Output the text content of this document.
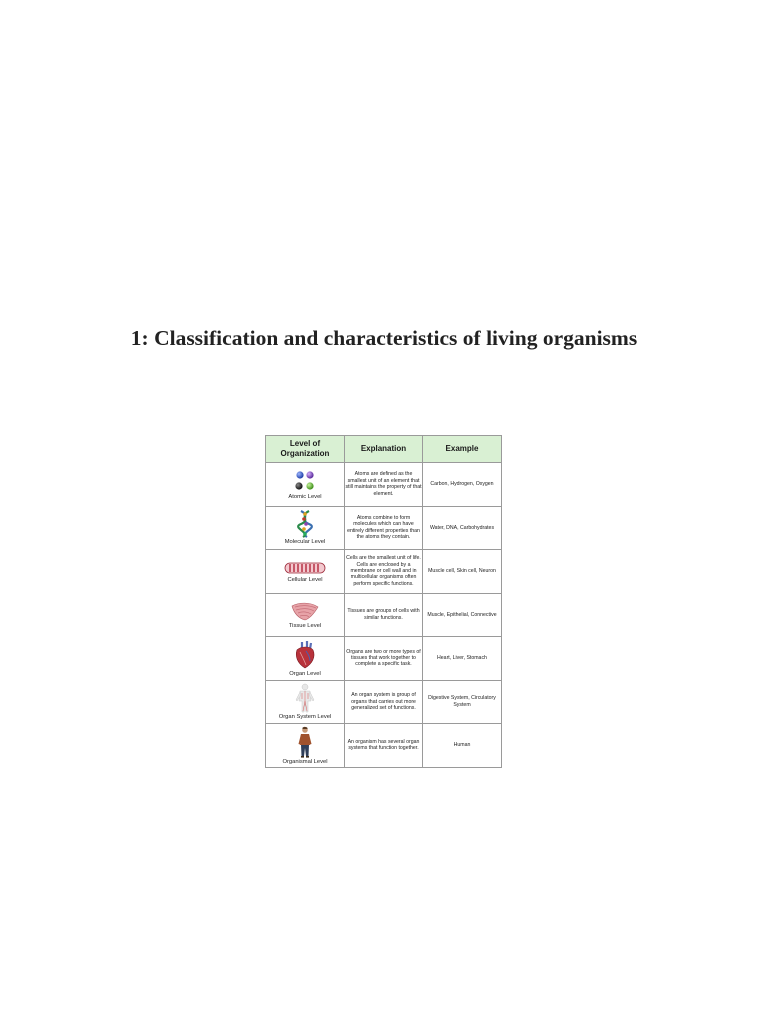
1: Classification and characteristics of living organisms
Level of Organization	Explanation	Example

Atomic Level	Atoms are defined as the smallest unit of an element that still maintains the property of that element.	Carbon, Hydrogen, Oxygen

Molecular Level	Atoms combine to form molecules which can have entirely different properties than the atoms they contain.	Water, DNA, Carbohydrates

Cellular Level	Cells are the smallest unit of life. Cells are enclosed by a membrane or cell wall and in multicellular organisms often perform specific functions.	Muscle cell, Skin cell, Neuron

Tissue Level	Tissues are groups of cells with similar functions.	Muscle, Epithelial, Connective

Organ Level	Organs are two or more types of tissues that work together to complete a specific task.	Heart, Liver, Stomach

Organ System Level	An organ system is group of organs that carries out more generalized set of functions.	Digestive System, Circulatory System

Organismal Level	An organism has several organ systems that function together.	Human
